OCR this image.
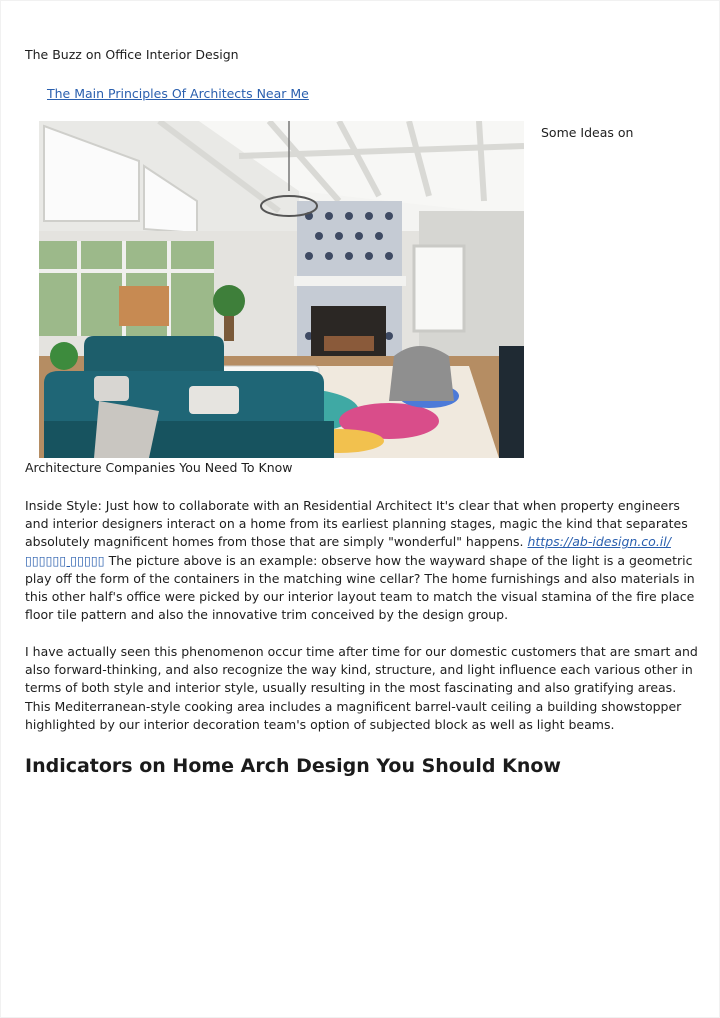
The Buzz on Office Interior Design
The Main Principles Of Architects Near Me
Some Ideas on
Architecture Companies You Need To Know

Inside Style: Just how to collaborate with an Residential Architect It's clear that when property engineers and interior designers interact on a home from its earliest planning stages, magic the kind that separates absolutely magnificent homes from those that are simply "wonderful" happens. https://ab-idesign.co.il/ ▯▯▯▯▯▯ ▯▯▯▯▯ The picture above is an example: observe how the wayward shape of the light is a geometric play off the form of the containers in the matching wine cellar? The home furnishings and also materials in this other half's office were picked by our interior layout team to match the visual stamina of the fire place floor tile pattern and also the innovative trim conceived by the design group.

I have actually seen this phenomenon occur time after time for our domestic customers that are smart and also forward-thinking, and also recognize the way kind, structure, and light influence each various other in terms of both style and interior style, usually resulting in the most fascinating and also gratifying areas. This Mediterranean-style cooking area includes a magnificent barrel-vault ceiling a building showstopper highlighted by our interior decoration team's option of subjected block as well as light beams.

Indicators on Home Arch Design You Should Know
